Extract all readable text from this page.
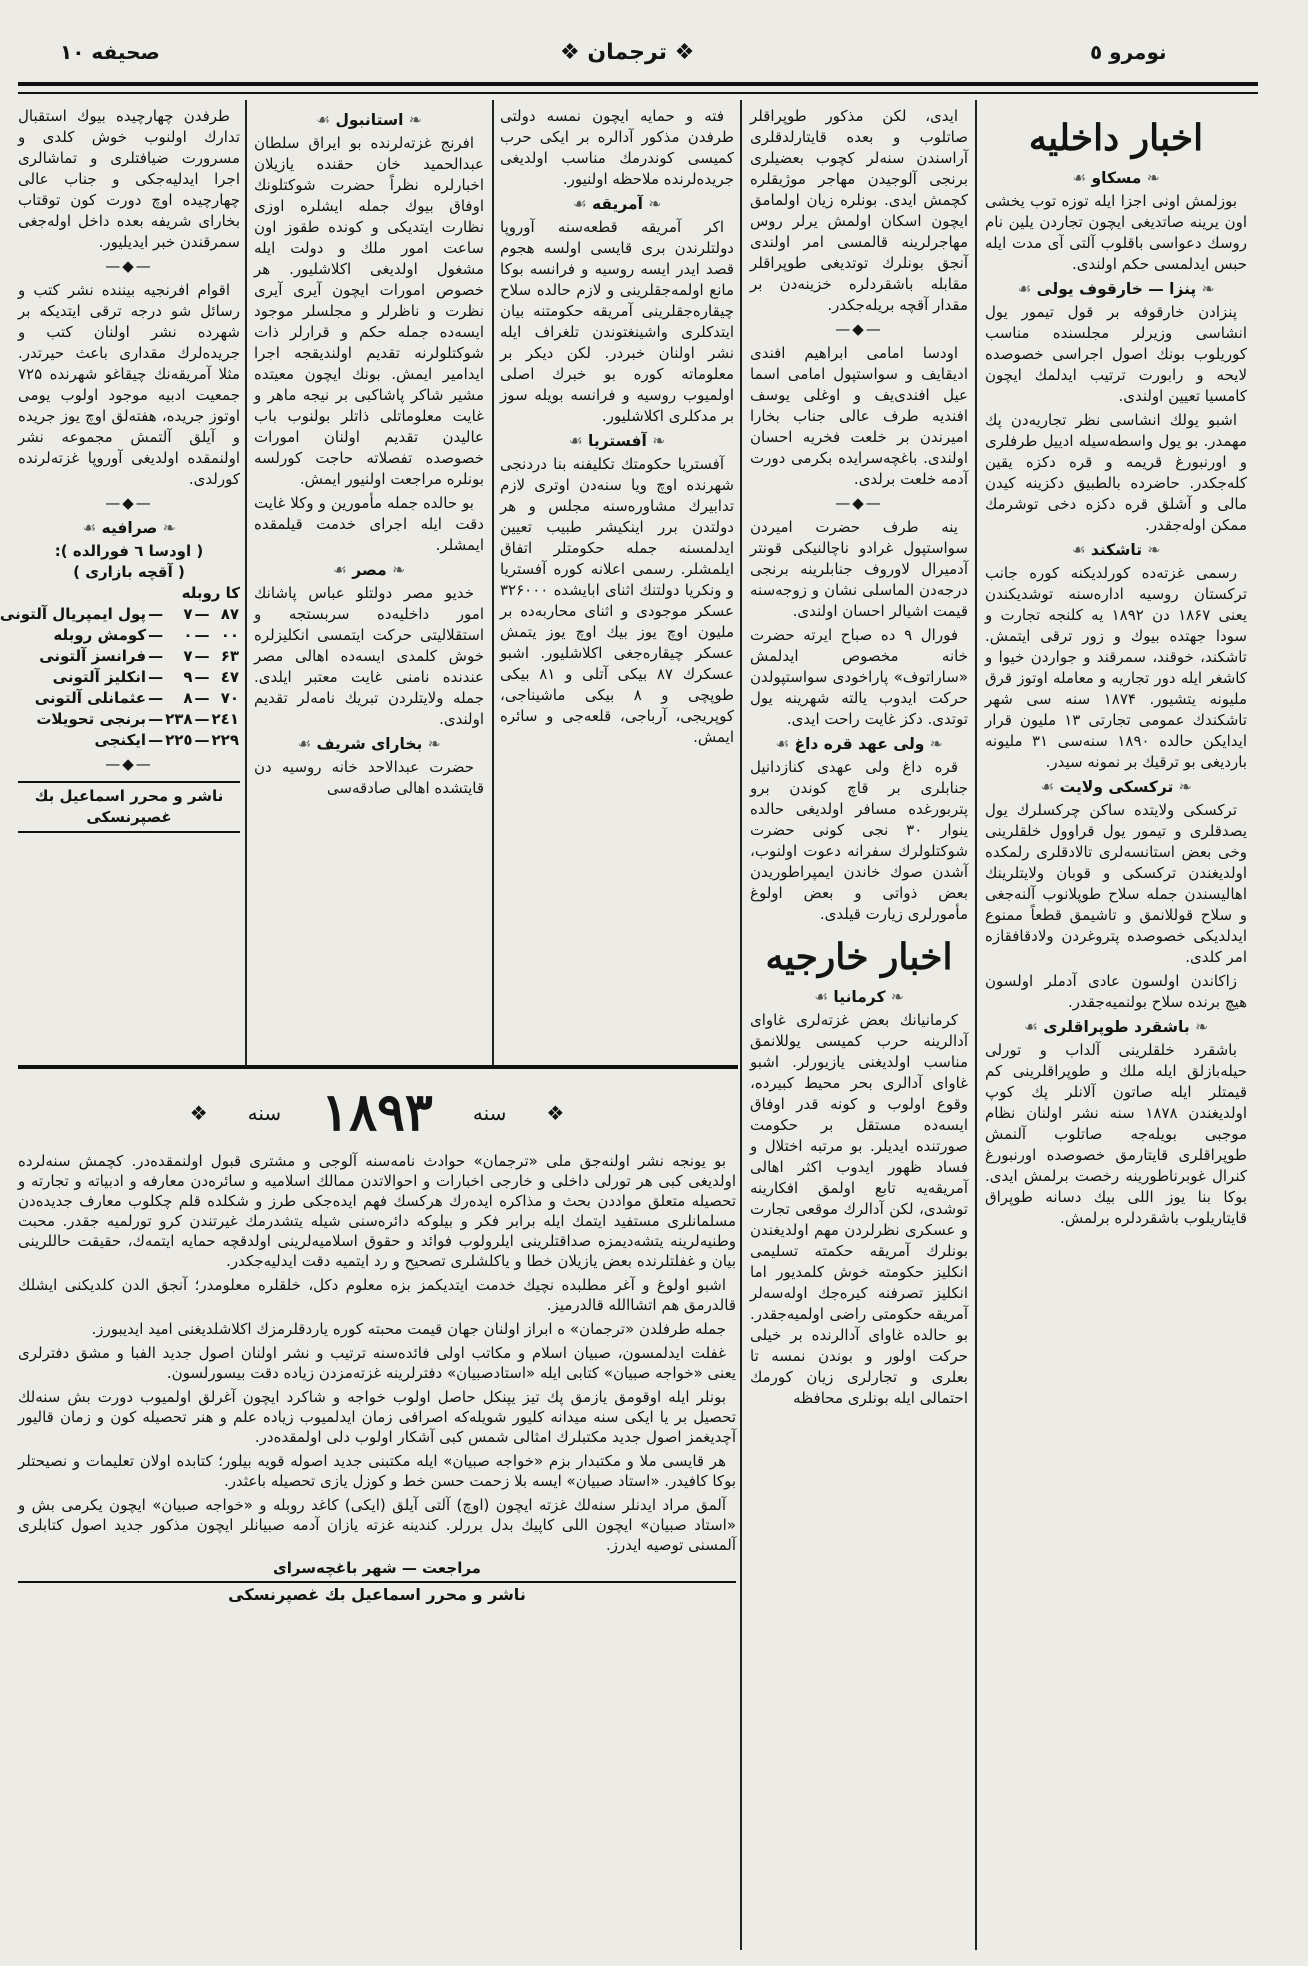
صحيفه ۱۰	❖ ترجمان ❖	نومرو ٥
اخبار داخليه
❧ مسكاو ☙

بوزلمش اونى اجزا ايله توزه توب يخشى اون يرينه صاتديغى ايچون تجاردن يلين نام روسك دعواسى باقلوب آلتى آى مدت ايله حبس ايدلمسى حكم اولندى.

❧ پنزا — خارقوف يولى ☙

پنزادن خارقوفه بر قول تيمور يول انشاسى وزيرلر مجلسنده مناسب كوريلوب بونك اصول اجراسى خصوصده لايحه و رابورت ترتيب ايدلمك ايچون كامسيا تعيين اولندى.

اشبو يولك انشاسى نظر تجاريه‌دن پك مهمدر. بو يول واسطه‌سيله ادييل طرفلرى و اورنبورغ قريمه و قره دكزه يقين كله‌جكدر. حاضرده بالطبيق دكزينه كيدن مالى و آشلق قره دكزه دخى توشرمك ممكن اوله‌جقدر.

❧ تاشكند ☙

رسمى غزته‌ده كورلديكنه كوره جانب تركستان روسيه اداره‌سنه توشديكندن يعنى ۱۸۶۷ دن ۱۸۹۲ يه كلنجه تجارت و سودا جهتده بيوك و زور ترقى ايتمش. تاشكند، خوقند، سمرقند و جواردن خيوا و كاشغر ايله دور تجاريه و معامله اوتوز قرق مليونه يتشيور. ۱۸۷۴ سنه سى شهر تاشكندك عمومى تجارتى ۱۳ مليون قرار ايدايكن حالده ۱۸۹۰ سنه‌سى ۳۱ مليونه بارديغى بو ترقيك بر نمونه سيدر.

❧ تركسكى ولايت ☙

تركسكى ولايتده ساكن چركسلرك يول يصدقلرى و تيمور يول قراوول خلقلرينى وخى بعض استانسه‌لرى تالادقلرى رلمكده اولديغندن تركسكى و قوبان ولايتلرينك اهاليسندن جمله سلاح طوپلانوب آلنه‌جغى و سلاح قوللانمق و تاشيمق قطعاً ممنوع ايدلديكى خصوصده پتروغردن ولادقافقازه امر كلدى.

زاكاندن اولسون عادى آدملر اولسون هيچ برنده سلاح بولنميه‌جقدر.

❧ باشقرد طوپراقلرى ☙

باشقرد خلقلرينى آلداب و تورلى حيله‌بازلق ايله ملك و طوپراقلرينى كم قيمتلر ايله صاتون آلانلر پك كوپ اولديغندن ۱۸۷۸ سنه نشر اولنان نظام موجبى بويله‌جه صاتلوب آلنمش طوپراقلرى قايتارمق خصوصده اورنبورغ كنرال غوبرناطورينه رخصت برلمش ايدى. بوكا بنا يوز اللى بيك دسانه طوپراق قايتاريلوب باشقردلره برلمش.

ايدى، لكن مذكور طوپراقلر صاتلوب و بعده قايتارلدقلرى آراسندن سنه‌لر كچوب بعضيلرى برنجى آلوجيدن مهاجر موژيقلره كچمش ايدى. بونلره زيان اولمامق ايچون اسكان اولمش يرلر روس مهاجرلرينه قالمسى امر اولندى آنجق بونلرك توتديغى طوپراقلر مقابله باشقردلره خزينه‌دن بر مقدار آقچه بريله‌جكدر.

—◆—

اودسا امامى ابراهيم افندى اديقايف و سواستپول امامى اسما عيل افندى‌يف و اوغلى يوسف افنديه طرف عالى جناب بخارا اميرندن بر خلعت فخريه احسان اولندى. باغچه‌سرايده بكرمى دورت آدمه خلعت برلدى.

—◆—

ينه طرف حضرت اميردن سواستپول غرادو ناچالنيكى قونتر آدميرال لاوروف جنابلرينه برنجى درجه‌دن الماسلى نشان و زوجه‌سنه قيمت اشيالر احسان اولندى.

فورال ۹ ده صباح ايرته حضرت خانه مخصوص ايدلمش «ساراتوف» پاراخودى سواستپولدن حركت ايدوب يالته شهرينه يول توتدى. دكز غايت راحت ايدى.

❧ ولى عهد قره داغ ☙

قره داغ ولى عهدى كنازدانيل جنابلرى بر قاچ كوندن برو پتربورغده مسافر اولديغى حالده ينوار ۳۰ نجى كونى حضرت شوكتلولرك سفرانه دعوت اولنوب، آشدن صوك خاندن ايمپراطوريدن بعض ذواتى و بعض اولوغ مأمورلرى زيارت قيلدى.

اخبار خارجيه
❧ كرمانيا ☙

كرمانيانك بعض غزته‌لرى غاواى آدالرينه حرب كميسى يوللانمق مناسب اولديغنى يازيورلر. اشبو غاواى آدالرى بحر محيط كبيرده، وقوع اولوب و كونه قدر اوفاق ايسه‌ده مستقل بر حكومت صورتنده ايديلر. بو مرتبه اختلال و فساد ظهور ايدوب اكثر اهالى آمريقه‌يه تابع اولمق افكارينه توشدى، لكن آدالرك موقعى تجارت و عسكرى نظرلردن مهم اولديغندن بونلرك آمريقه حكمته تسليمى انكليز حكومته خوش كلمديور اما انكليز تصرفنه كيره‌جك اوله‌سه‌لر آمريقه حكومتى راضى اولميه‌جقدر. بو حالده غاواى آدالرنده بر خيلى حركت اولور و بوندن نمسه تا بعلرى و تجارلرى زيان كورمك احتمالى ايله بونلرى محافظه

فته و حمايه ايچون نمسه دولتى طرفدن مذكور آدالره بر ايكى حرب كميسى كوندرمك مناسب اولديغى جريده‌لرنده ملاحظه اولنيور.

❧ آمريقه ☙

اكر آمريقه قطعه‌سنه آوروپا دولتلرندن برى قايسى اولسه هجوم قصد ايدر ايسه روسيه و فرانسه بوكا مانع اولمه‌جقلرينى و لازم حالده سلاح چيقاره‌جقلرينى آمريقه حكومتنه بيان ايتدكلرى واشينغتوندن تلغراف ايله نشر اولنان خبردر. لكن ديكر بر معلوماته كوره بو خبرك اصلى اولميوب روسيه و فرانسه بويله سوز بر مدكلرى اكلاشليور.

❧ آفستريا ☙

آفستريا حكومتك تكليفنه بنا دردنجى شهرنده اوچ ويا سنه‌دن اوترى لازم تدابيرك مشاوره‌سنه مجلس و هر دولتدن برر اينكيشر طبيب تعيين ايدلمسنه جمله حكومتلر اتفاق ايلمشلر. رسمى اعلانه كوره آفستريا و ونكريا دولتنك اثناى ابايشده ۳۲۶۰۰۰ عسكر موجودى و اثناى محاربه‌ده بر مليون اوچ يوز بيك اوچ يوز يتمش عسكر چيقاره‌جغى اكلاشليور. اشبو عسكرك ۸۷ بيكى آتلى و ۸۱ بيكى طوپچى و ۸ بيكى ماشيناجى، كوپريجى، آرباجى، قلعه‌جى و سائره ايمش.

❧ استانبول ☙

افرنج غزته‌لرنده بو ايراق سلطان عبدالحميد خان حقنده يازيلان اخبارلره نظراً حضرت شوكتلونك اوفاق بيوك جمله ايشلره اوزى نظارت ايتديكى و كونده طقوز اون ساعت امور ملك و دولت ايله مشغول اولديغى اكلاشليور. هر خصوص امورات ايچون آيرى آيرى نظرت و ناظرلر و مجلسلر موجود ايسه‌ده جمله حكم و قرارلر ذات شوكتلولرنه تقديم اولنديقجه اجرا ايدامير ايمش. بونك ايچون معيتده مشير شاكر پاشاكبى بر نيجه ماهر و غايت معلوماتلى ذاتلر بولنوب باب عاليدن تقديم اولنان امورات خصوصده تفصلاته حاجت كورلسه بونلره مراجعت اولنيور ايمش.

بو حالده جمله مأمورين و وكلا غايت دقت ايله اجراى خدمت قيلمقده ايمشلر.

❧ مصر ☙

خديو مصر دولتلو عباس پاشانك امور داخليه‌ده سربستجه و استقلاليتى حركت ايتمسى انكليزلره خوش كلمدى ايسه‌ده اهالى مصر عندنده نامنى غايت معتبر ايلدى. جمله ولايتلردن تبريك نامه‌لر تقديم اولندى.

❧ بخاراى شريف ☙

حضرت عبدالاحد خانه روسيه دن قايتشده اهالى صادقه‌سى

طرفدن چهارچيده بيوك استقبال تدارك اولنوب خوش كلدى و مسرورت ضيافتلرى و تماشالرى اجرا ايدليه‌جكى و جناب عالى چهارچيده اوچ دورت كون توقتاب بخاراى شريفه بعده داخل اوله‌جغى سمرقندن خبر ايديليور.

—◆—

اقوام افرنجيه بيننده نشر كتب و رسائل شو درجه ترقى ايتديكه بر شهرده نشر اولنان كتب و جريده‌لرك مقدارى باعث حيرتدر. مثلا آمريقه‌نك چيقاغو شهرنده ۷۲۵ جمعيت ادبيه موجود اولوب يومى اوتوز جريده، هفته‌لق اوچ يوز جريده و آيلق آلتمش مجموعه نشر اولنمقده اولديغى آوروپا غزته‌لرنده كورلدى.

—◆—
❧ صرافيه ☙
( اودسا ٦ فورالده ):
( آقچه بازارى )
كا روبله
۸۷	—	۷	—	پول ايمپريال آلتونى
۰۰	—	۰	—	كومش روبله
۶۳	—	۷	—	فرانسز آلتونى
٤۷	—	۹	—	انكليز آلتونى
۷۰	—	۸	—	عثمانلى آلتونى
۲٤۱	—	۲۳۸	—	برنجى تحويلات
۲۲۹	—	۲۲٥	—	ايكنجى
—◆—
ناشر و محرر اسماعيل بك غصپرنسكى
❖
سنه
۱۸۹۳
سنه
❖

بو يونجه نشر اولنه‌جق ملى «ترجمان» حوادث نامه‌سنه آلوجى و مشترى قبول اولنمقده‌در. كچمش سنه‌لرده اولديغى كبى هر تورلى داخلى و خارجى اخبارات و احوالاتدن ممالك اسلاميه و سائره‌دن معارفه و ادبياته و تجارته و تحصيله متعلق مواددن بحث و مذاكره ايده‌رك هركسك فهم ايده‌جكى طرز و شكلده قلم چكلوب معارف جديده‌دن مسلمانلرى مستفيد ايتمك ايله برابر فكر و بيلوكه دائره‌سنى شيله يتشدرمك غيرتندن كرو تورلميه جقدر. محبت وطنيه‌لرينه يتشه‌ديمزه صداقتلرينى ايلرولوب فوائد و حقوق اسلاميه‌لرينى اولدقچه حمايه ايتمه‌ك، حقيقت حاللرينى بيان و غفلتلرنده بعض يازيلان خطا و ياكلشلرى تصحيح و رد ايتميه دقت ايدليه‌جكدر.

اشبو اولوغ و آغر مطلبده نچيك خدمت ايتديكمز بزه معلوم دكل، خلقلره معلومدر؛ آنجق الدن كلديكنى ايشلك قالدرمق هم اتشاالله قالدرميز.

جمله طرفلدن «ترجمان» ه ابراز اولنان جهان قيمت محبته كوره ياردقلرمزك اكلاشلديغنى اميد ايديبورز.

غفلت ايدلمسون، صبيان اسلام و مكاتب اولى فائده‌سنه ترتيب و نشر اولنان اصول جديد الفبا و مشق دفترلرى يعنى «خواجه صبيان» كتابى ايله «استادصبيان» دفترلرينه غزته‌مزدن زياده دقت بيسورلسون.

بونلر ايله اوقومق يازمق پك تيز يپنكل حاصل اولوب خواجه و شاكرد ايچون آغرلق اولميوب دورت بش سنه‌لك تحصيل بر يا ايكى سنه ميدانه كليور شويله‌كه اصرافى زمان ايدلميوب زياده علم و هنر تحصيله كون و زمان قاليور آچديغمز اصول جديد مكتبلرك امثالى شمس كبى آشكار اولوب دلى اولمقده‌در.

هر قايسى ملا و مكتبدار بزم «خواجه صبيان» ايله مكتبنى جديد اصوله قويه بيلور؛ كتابده اولان تعليمات و نصيحتلر بوكا كافيدر. «استاد صبيان» ايسه بلا زحمت حسن خط و كوزل يازى تحصيله باعثدر.

آلمق مراد ايدنلر سنه‌لك غزته ايچون (اوچ) آلتى آيلق (ايكى) كاغد روبله و «خواجه صبيان» ايچون يكرمى بش و «استاد صبيان» ايچون اللى كاپيك بدل بررلر. كندينه غزته يازان آدمه صبيانلر ايچون مذكور جديد اصول كتابلرى آلمسنى توصيه ايدرز.

مراجعت — شهر باغچه‌سراى
ناشر و محرر اسماعيل بك غصپرنسكى
